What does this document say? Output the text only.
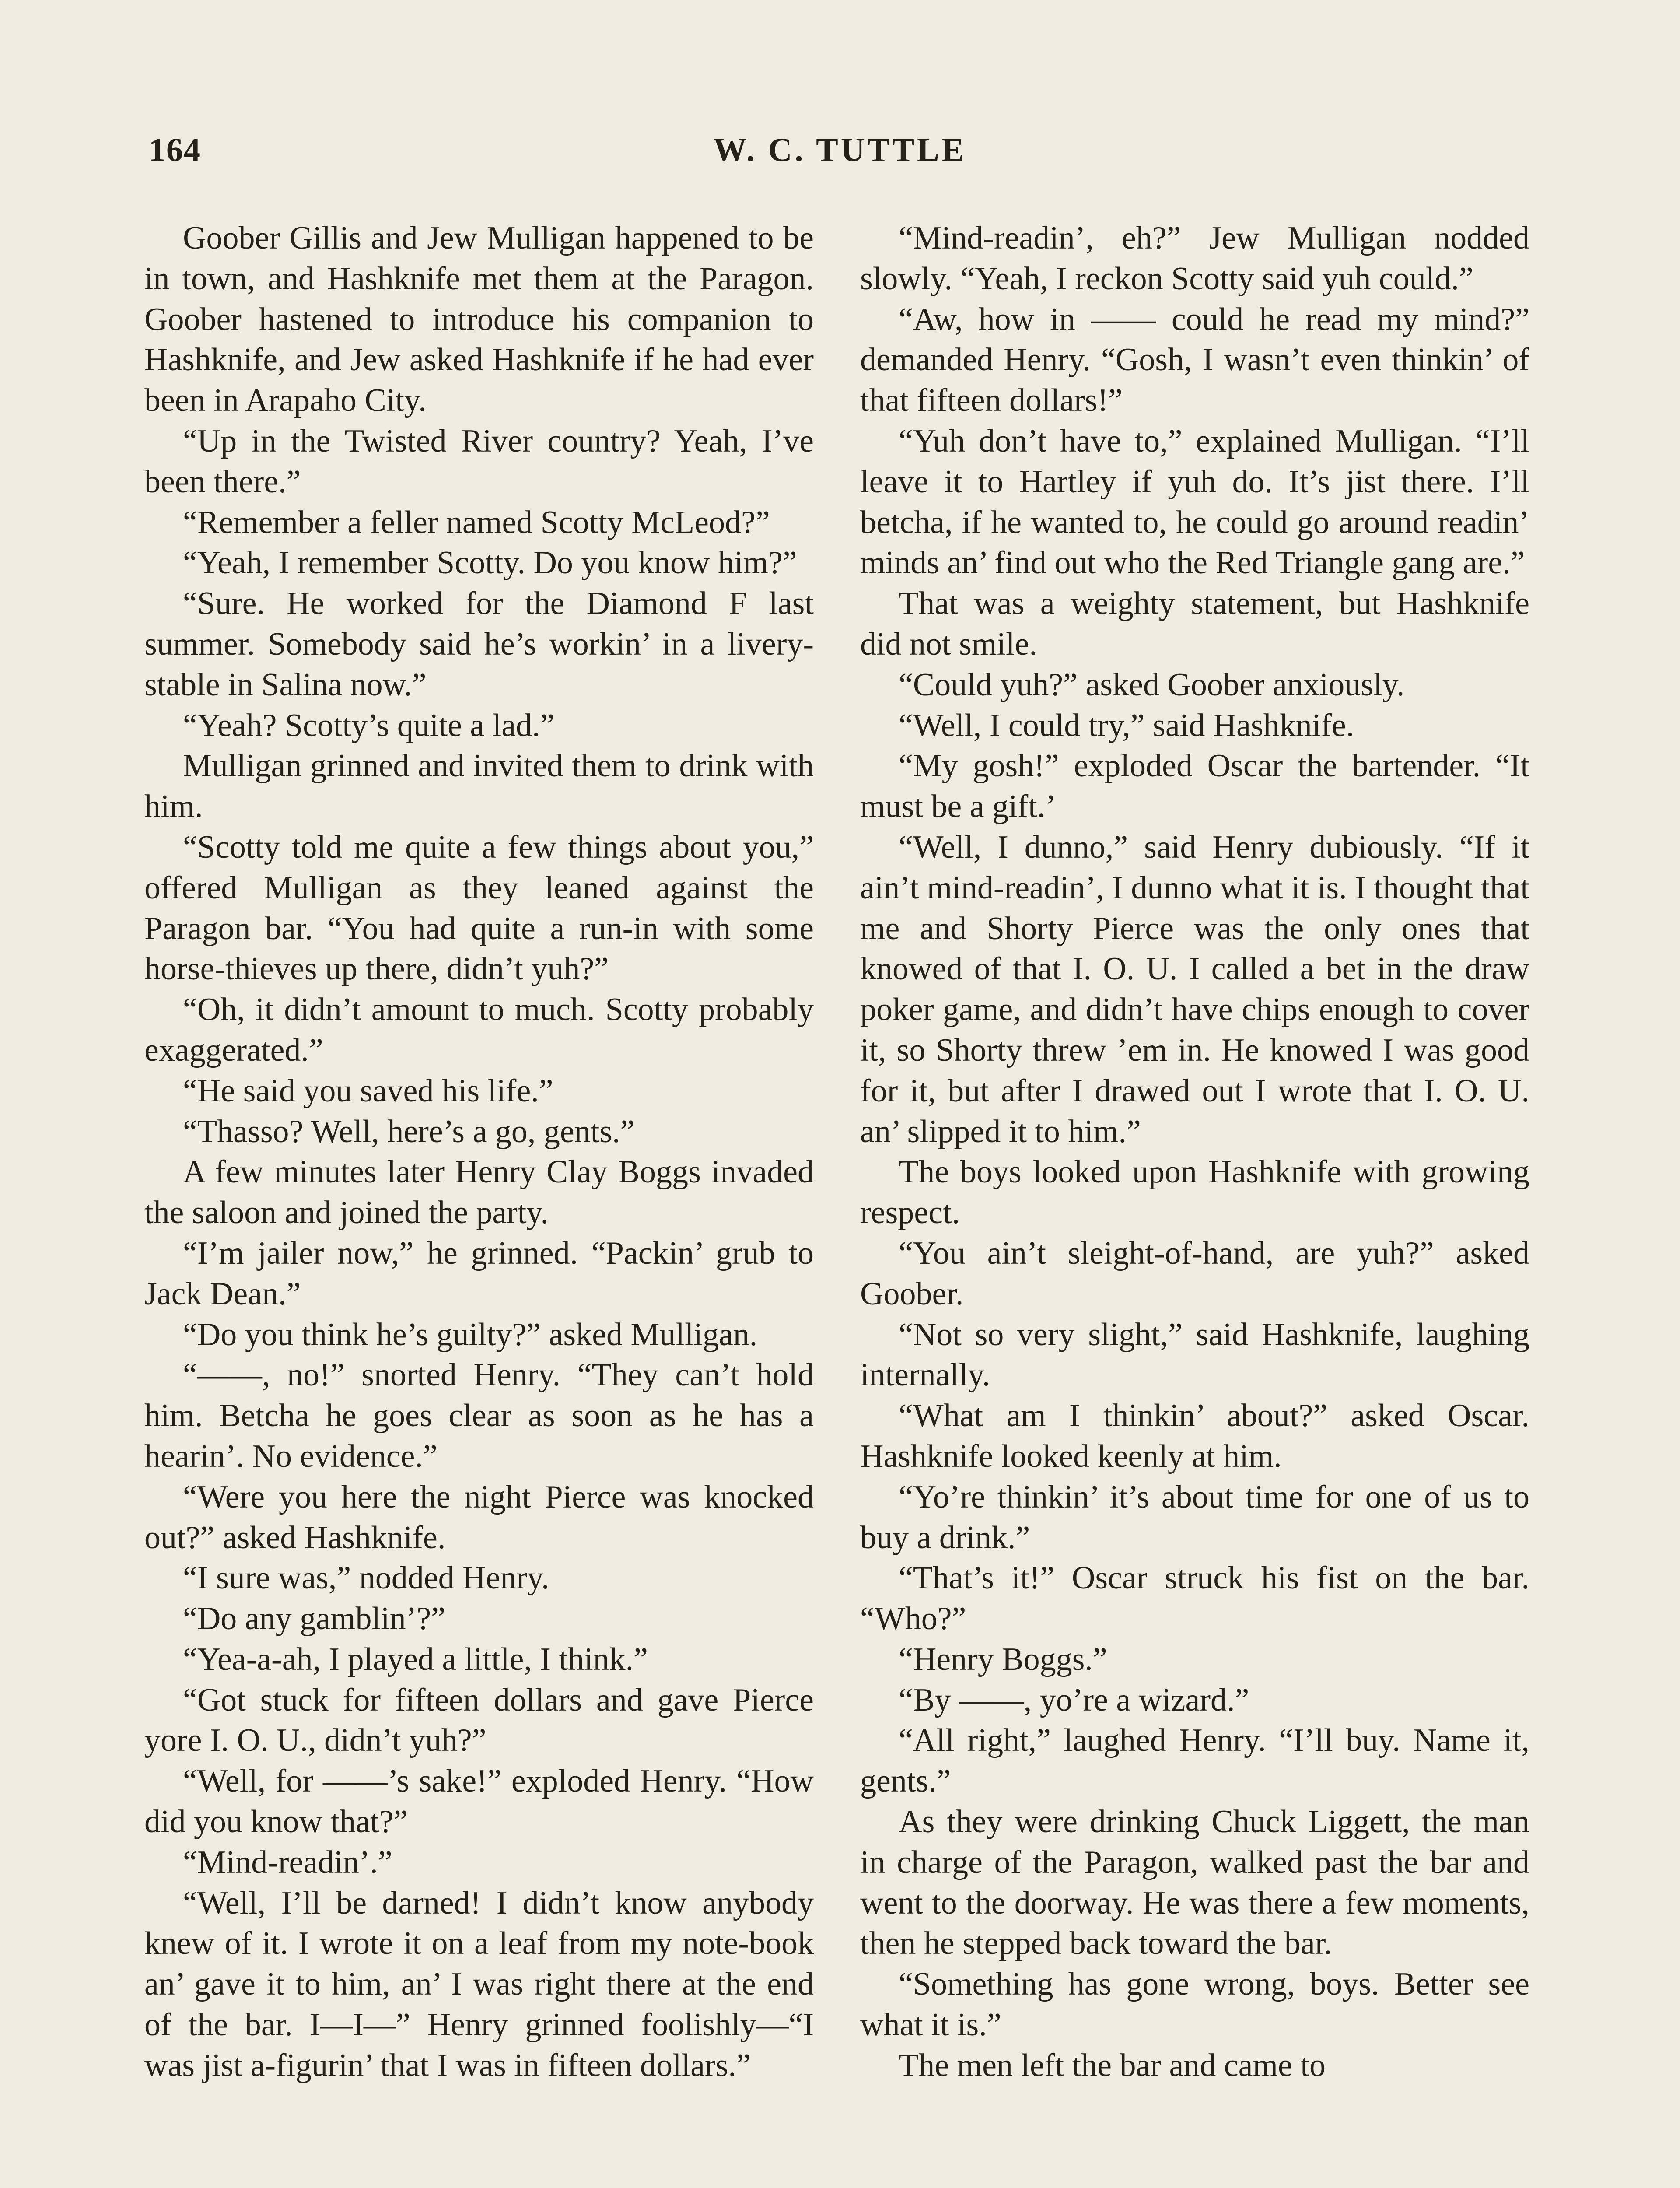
164	W. C. TUTTLE

Goober Gillis and Jew Mulligan happened to be in town, and Hashknife met them at the Paragon. Goober hastened to introduce his companion to Hashknife, and Jew asked Hashknife if he had ever been in Arapaho City.

“Up in the Twisted River country? Yeah, I’ve been there.”

“Remember a feller named Scotty McLeod?”

“Yeah, I remember Scotty. Do you know him?”

“Sure. He worked for the Diamond F last summer. Somebody said he’s workin’ in a livery-stable in Salina now.”

“Yeah? Scotty’s quite a lad.”

Mulligan grinned and invited them to drink with him.

“Scotty told me quite a few things about you,” offered Mulligan as they leaned against the Paragon bar. “You had quite a run-in with some horse-thieves up there, didn’t yuh?”

“Oh, it didn’t amount to much. Scotty probably exaggerated.”

“He said you saved his life.”

“Thasso? Well, here’s a go, gents.”

A few minutes later Henry Clay Boggs invaded the saloon and joined the party.

“I’m jailer now,” he grinned. “Packin’ grub to Jack Dean.”

“Do you think he’s guilty?” asked Mulligan.

“——, no!” snorted Henry. “They can’t hold him. Betcha he goes clear as soon as he has a hearin’. No evidence.”

“Were you here the night Pierce was knocked out?” asked Hashknife.

“I sure was,” nodded Henry.

“Do any gamblin’?”

“Yea-a-ah, I played a little, I think.”

“Got stuck for fifteen dollars and gave Pierce yore I. O. U., didn’t yuh?”

“Well, for ——’s sake!” exploded Henry. “How did you know that?”

“Mind-readin’.”

“Well, I’ll be darned! I didn’t know anybody knew of it. I wrote it on a leaf from my note-book an’ gave it to him, an’ I was right there at the end of the bar. I—I—” Henry grinned foolishly—“I was jist a-figurin’ that I was in fifteen dollars.”

“Mind-readin’, eh?” Jew Mulligan nodded slowly. “Yeah, I reckon Scotty said yuh could.”

“Aw, how in —— could he read my mind?” demanded Henry. “Gosh, I wasn’t even thinkin’ of that fifteen dollars!”

“Yuh don’t have to,” explained Mulligan. “I’ll leave it to Hartley if yuh do. It’s jist there. I’ll betcha, if he wanted to, he could go around readin’ minds an’ find out who the Red Triangle gang are.”

That was a weighty statement, but Hashknife did not smile.

“Could yuh?” asked Goober anxiously.

“Well, I could try,” said Hashknife.

“My gosh!” exploded Oscar the bartender. “It must be a gift.’

“Well, I dunno,” said Henry dubiously. “If it ain’t mind-readin’, I dunno what it is. I thought that me and Shorty Pierce was the only ones that knowed of that I. O. U. I called a bet in the draw poker game, and didn’t have chips enough to cover it, so Shorty threw ’em in. He knowed I was good for it, but after I drawed out I wrote that I. O. U. an’ slipped it to him.”

The boys looked upon Hashknife with growing respect.

“You ain’t sleight-of-hand, are yuh?” asked Goober.

“Not so very slight,” said Hashknife, laughing internally.

“What am I thinkin’ about?” asked Oscar. Hashknife looked keenly at him.

“Yo’re thinkin’ it’s about time for one of us to buy a drink.”

“That’s it!” Oscar struck his fist on the bar. “Who?”

“Henry Boggs.”

“By ——, yo’re a wizard.”

“All right,” laughed Henry. “I’ll buy. Name it, gents.”

As they were drinking Chuck Liggett, the man in charge of the Paragon, walked past the bar and went to the doorway. He was there a few moments, then he stepped back toward the bar.

“Something has gone wrong, boys. Better see what it is.”

The men left the bar and came to
